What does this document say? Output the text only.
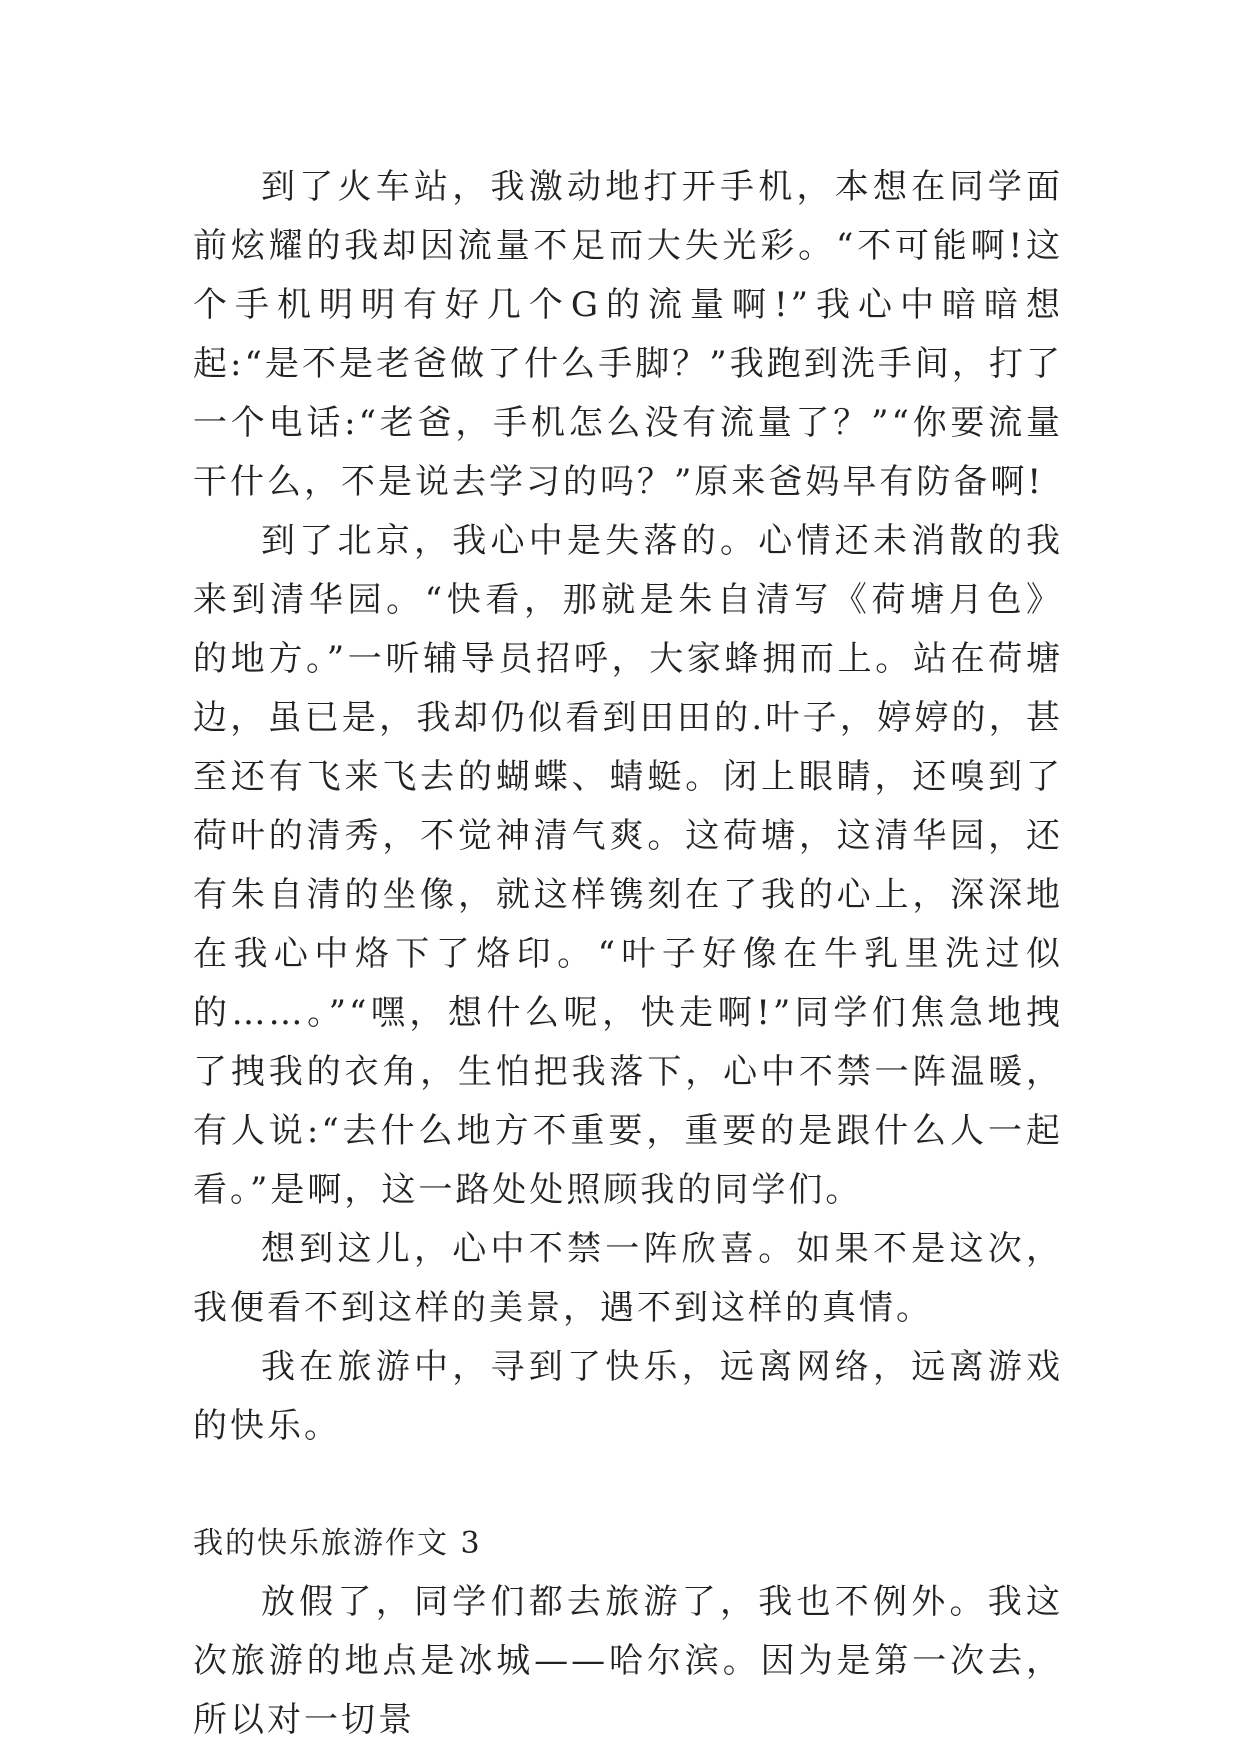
到了火车站，我激动地打开手机，本想在同学面前炫耀的我却因流量不足而大失光彩。“不可能啊!这个手机明明有好几个G的流量啊!”我心中暗暗想起:“是不是老爸做了什么手脚？”我跑到洗手间，打了一个电话:“老爸，手机怎么没有流量了？”“你要流量干什么，不是说去学习的吗？”原来爸妈早有防备啊!

到了北京，我心中是失落的。心情还未消散的我来到清华园。“快看，那就是朱自清写《荷塘月色》的地方。”一听辅导员招呼，大家蜂拥而上。站在荷塘边，虽已是，我却仍似看到田田的.叶子，婷婷的，甚至还有飞来飞去的蝴蝶、蜻蜓。闭上眼睛，还嗅到了荷叶的清秀，不觉神清气爽。这荷塘，这清华园，还有朱自清的坐像，就这样镌刻在了我的心上，深深地在我心中烙下了烙印。“叶子好像在牛乳里洗过似的……。”“嘿，想什么呢，快走啊!”同学们焦急地拽了拽我的衣角，生怕把我落下，心中不禁一阵温暖，有人说:“去什么地方不重要，重要的是跟什么人一起看。”是啊，这一路处处照顾我的同学们。

想到这儿，心中不禁一阵欣喜。如果不是这次，我便看不到这样的美景，遇不到这样的真情。

我在旅游中，寻到了快乐，远离网络，远离游戏的快乐。

我的快乐旅游作文 3

放假了，同学们都去旅游了，我也不例外。我这次旅游的地点是冰城——哈尔滨。因为是第一次去，所以对一切景
